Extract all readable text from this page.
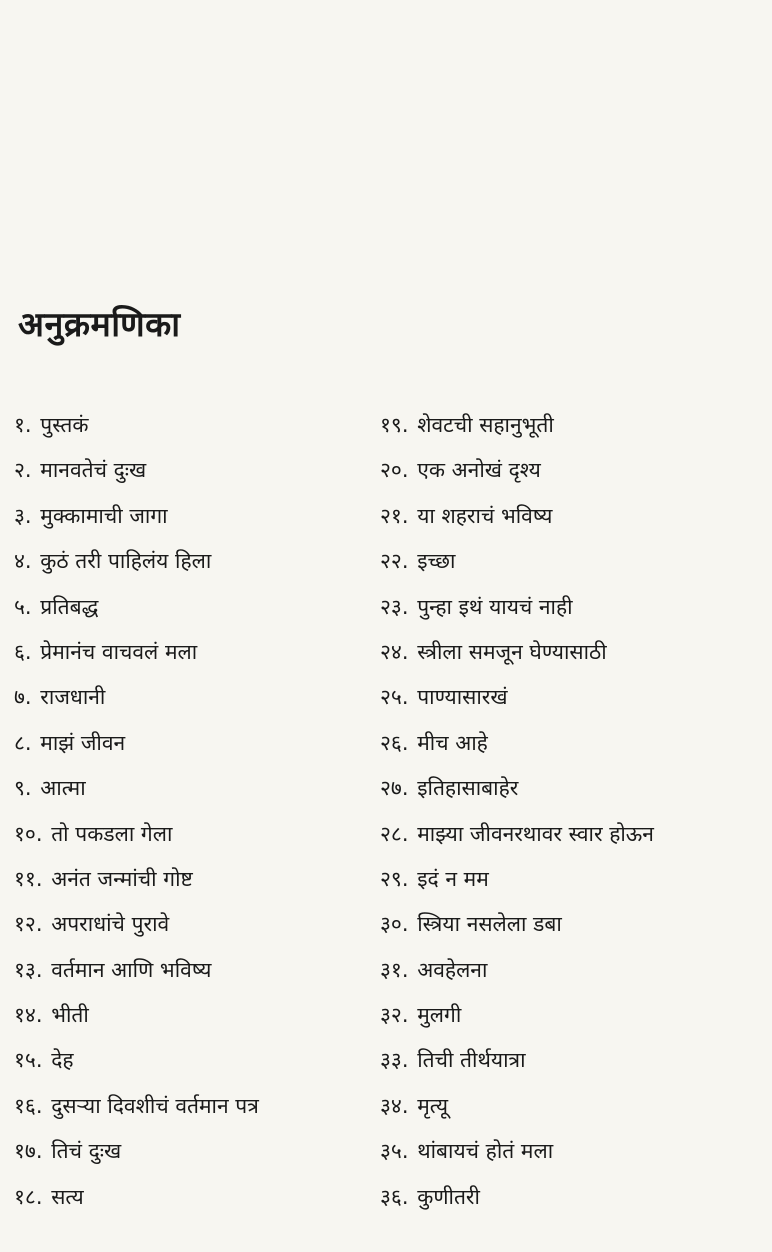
अनुक्रमणिका
१. पुस्तकं
२. मानवतेचं दुःख
३. मुक्कामाची जागा
४. कुठं तरी पाहिलंय हिला
५. प्रतिबद्ध
६. प्रेमानंच वाचवलं मला
७. राजधानी
८. माझं जीवन
९. आत्मा
१०. तो पकडला गेला
११. अनंत जन्मांची गोष्ट
१२. अपराधांचे पुरावे
१३. वर्तमान आणि भविष्य
१४. भीती
१५. देह
१६. दुसऱ्या दिवशीचं वर्तमान पत्र
१७. तिचं दुःख
१८. सत्य
१९. शेवटची सहानुभूती
२०. एक अनोखं दृश्य
२१. या शहराचं भविष्य
२२. इच्छा
२३. पुन्हा इथं यायचं नाही
२४. स्त्रीला समजून घेण्यासाठी
२५. पाण्यासारखं
२६. मीच आहे
२७. इतिहासाबाहेर
२८. माझ्या जीवनरथावर स्वार होऊन
२९. इदं न मम
३०. स्त्रिया नसलेला डबा
३१. अवहेलना
३२. मुलगी
३३. तिची तीर्थयात्रा
३४. मृत्यू
३५. थांबायचं होतं मला
३६. कुणीतरी
